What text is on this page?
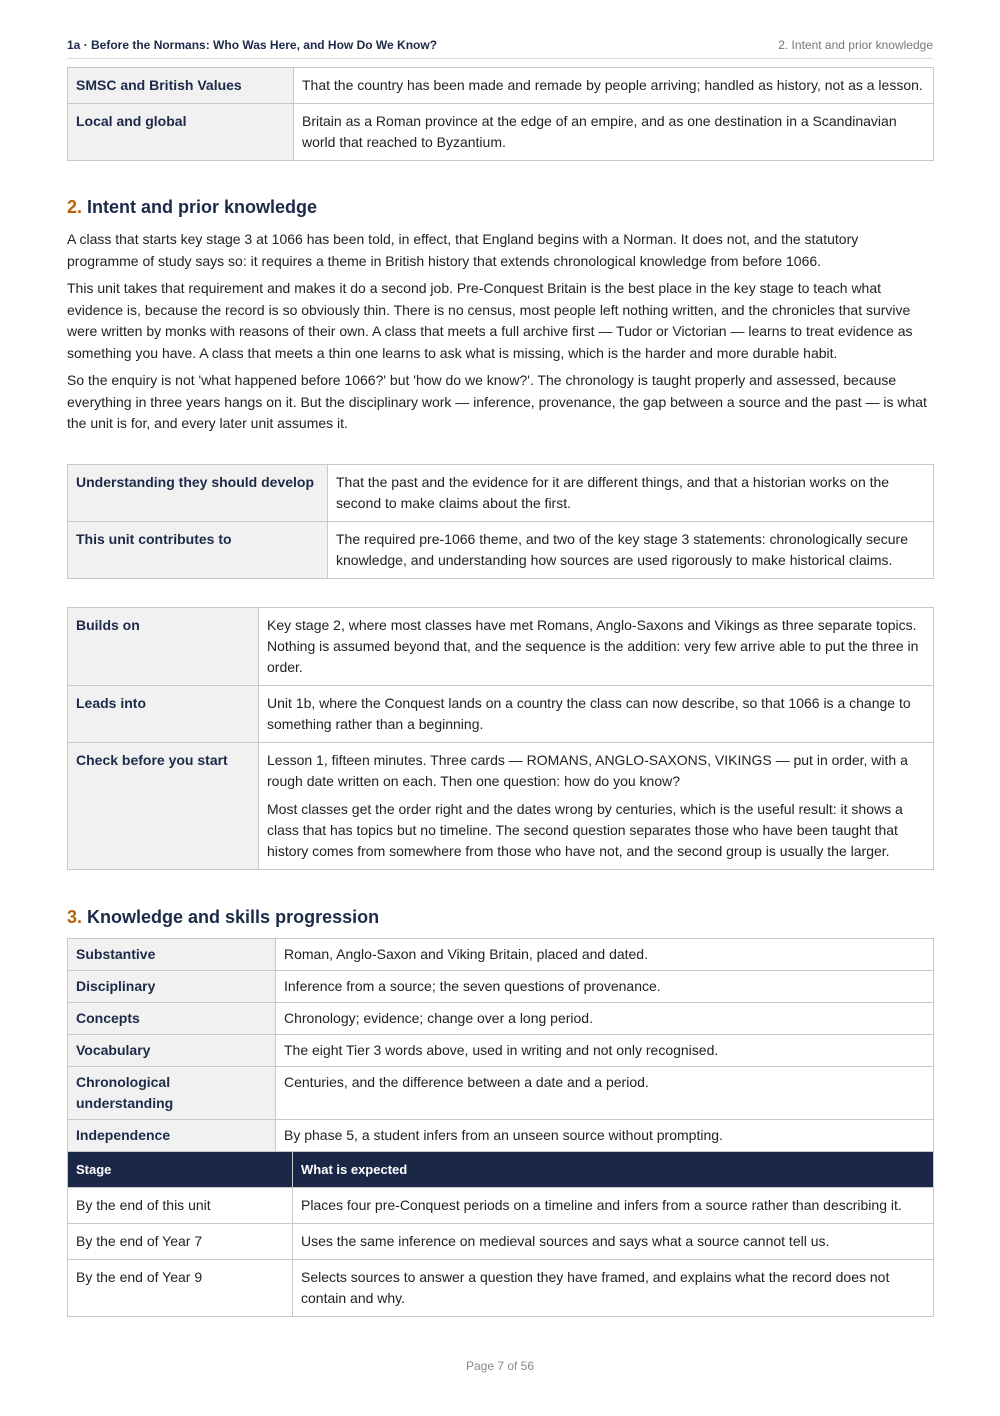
1a · Before the Normans: Who Was Here, and How Do We Know?	2. Intent and prior knowledge
SMSC and British Values	That the country has been made and remade by people arriving; handled as history, not as a lesson.
Local and global	Britain as a Roman province at the edge of an empire, and as one destination in a Scandinavian world that reached to Byzantium.
2. Intent and prior knowledge

A class that starts key stage 3 at 1066 has been told, in effect, that England begins with a Norman. It does not, and the statutory programme of study says so: it requires a theme in British history that extends chronological knowledge from before 1066.

This unit takes that requirement and makes it do a second job. Pre-Conquest Britain is the best place in the key stage to teach what evidence is, because the record is so obviously thin. There is no census, most people left nothing written, and the chronicles that survive were written by monks with reasons of their own. A class that meets a full archive first — Tudor or Victorian — learns to treat evidence as something you have. A class that meets a thin one learns to ask what is missing, which is the harder and more durable habit.

So the enquiry is not 'what happened before 1066?' but 'how do we know?'. The chronology is taught properly and assessed, because everything in three years hangs on it. But the disciplinary work — inference, provenance, the gap between a source and the past — is what the unit is for, and every later unit assumes it.

Understanding they should develop	That the past and the evidence for it are different things, and that a historian works on the second to make claims about the first.
This unit contributes to	The required pre-1066 theme, and two of the key stage 3 statements: chronologically secure knowledge, and understanding how sources are used rigorously to make historical claims.
Builds on	Key stage 2, where most classes have met Romans, Anglo-Saxons and Vikings as three separate topics. Nothing is assumed beyond that, and the sequence is the addition: very few arrive able to put the three in order.
Leads into	Unit 1b, where the Conquest lands on a country the class can now describe, so that 1066 is a change to something rather than a beginning.
Check before you start	Lesson 1, fifteen minutes. Three cards — ROMANS, ANGLO-SAXONS, VIKINGS — put in order, with a rough date written on each. Then one question: how do you know?

Most classes get the order right and the dates wrong by centuries, which is the useful result: it shows a class that has topics but no timeline. The second question separates those who have been taught that history comes from somewhere from those who have not, and the second group is usually the larger.

3. Knowledge and skills progression
Substantive	Roman, Anglo-Saxon and Viking Britain, placed and dated.
Disciplinary	Inference from a source; the seven questions of provenance.
Concepts	Chronology; evidence; change over a long period.
Vocabulary	The eight Tier 3 words above, used in writing and not only recognised.
Chronological understanding	Centuries, and the difference between a date and a period.
Independence	By phase 5, a student infers from an unseen source without prompting.
Stage	What is expected
By the end of this unit	Places four pre-Conquest periods on a timeline and infers from a source rather than describing it.
By the end of Year 7	Uses the same inference on medieval sources and says what a source cannot tell us.
By the end of Year 9	Selects sources to answer a question they have framed, and explains what the record does not contain and why.
Page 7 of 56
